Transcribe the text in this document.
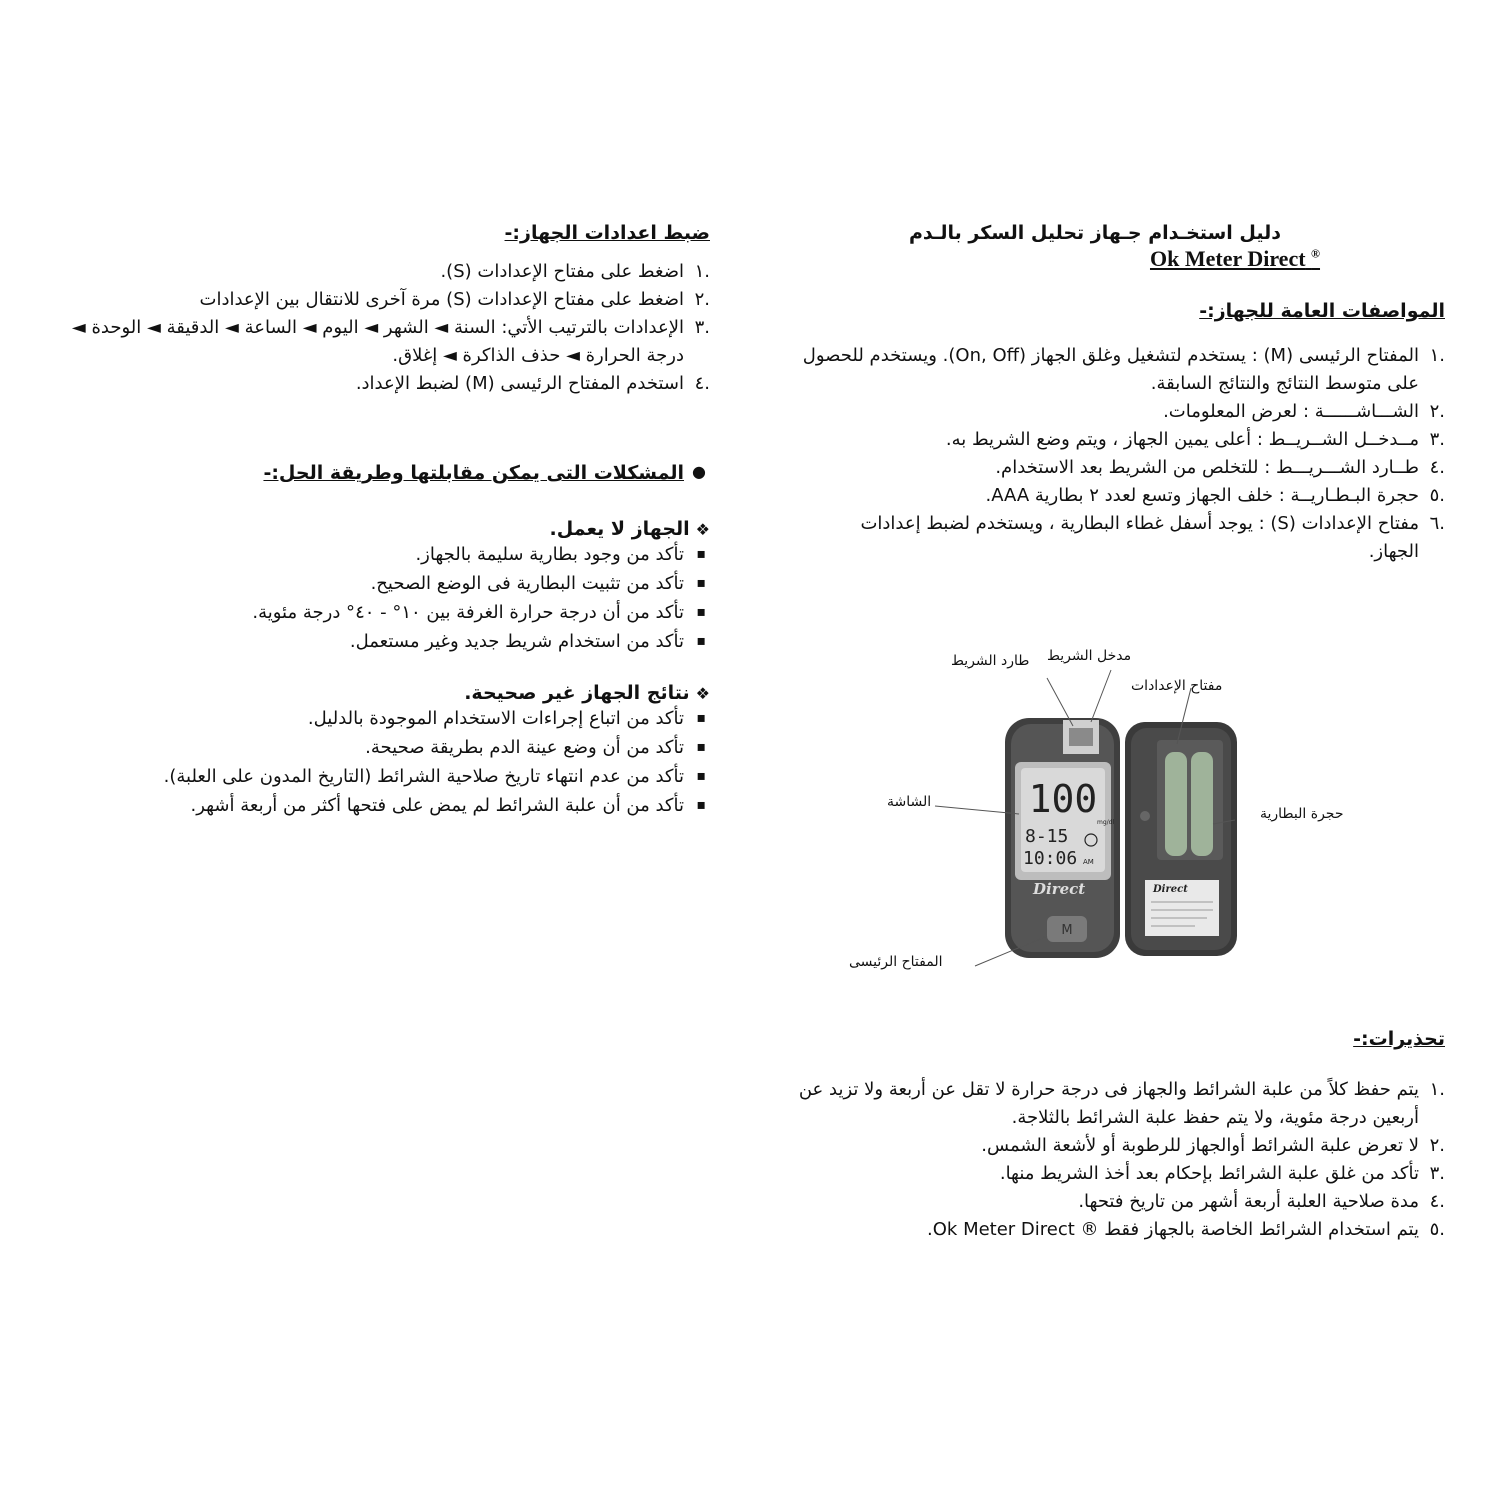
ضبط اعدادات الجهاز:-
.١
اضغط على مفتاح الإعدادات (S).
.٢
اضغط على مفتاح الإعدادات (S) مرة آخرى للانتقال بين الإعدادات
.٣
الإعدادات بالترتيب الأتي: السنة ◄ الشهر ◄ اليوم ◄ الساعة ◄ الدقيقة ◄ الوحدة ◄ درجة الحرارة ◄ حذف الذاكرة ◄ إغلاق.
.٤
استخدم المفتاح الرئيسى (M) لضبط الإعداد.
●
المشكلات التى يمكن مقابلتها وطريقة الحل:-
❖الجهاز لا يعمل.
▪ تأكد من وجود بطارية سليمة بالجهاز.
▪ تأكد من تثبيت البطارية فى الوضع الصحيح.
▪ تأكد من أن درجة حرارة الغرفة بين ١٠° - ٤٠° درجة مئوية.
▪ تأكد من استخدام شريط جديد وغير مستعمل.
❖نتائج الجهاز غير صحيحة.
▪ تأكد من اتباع إجراءات الاستخدام الموجودة بالدليل.
▪ تأكد من أن وضع عينة الدم بطريقة صحيحة.
▪ تأكد من عدم انتهاء تاريخ صلاحية الشرائط (التاريخ المدون على العلبة).
▪ تأكد من أن علبة الشرائط لم يمض على فتحها أكثر من أربعة أشهر.
دليل استخـدام جـهاز تحليل السكر بالـدم
Ok Meter Direct ®
المواصفات العامة للجهاز:-
.١
المفتاح الرئيسى (M) : يستخدم لتشغيل وغلق الجهاز (On, Off). ويستخدم للحصول على متوسط النتائج والنتائج السابقة.
.٢
الشـــاشــــــة : لعرض المعلومات.
.٣
مــدخــل الشــريــط : أعلى يمين الجهاز ، ويتم وضع الشريط به.
.٤
طــارد الشـــريـــط : للتخلص من الشريط بعد الاستخدام.
.٥
حجرة البـطـاريــة : خلف الجهاز وتسع لعدد ٢ بطارية AAA.
.٦
مفتاح الإعدادات (S) : يوجد أسفل غطاء البطارية ، ويستخدم لضبط إعدادات الجهاز.
تحذيرات:-
.١
يتم حفظ كلاً من علبة الشرائط والجهاز فى درجة حرارة لا تقل عن أربعة ولا تزيد عن أربعين درجة مئوية، ولا يتم حفظ علبة الشرائط بالثلاجة.
.٢
لا تعرض علبة الشرائط أوالجهاز للرطوبة أو لأشعة الشمس.
.٣
تأكد من غلق علبة الشرائط بإحكام بعد أخذ الشريط منها.
.٤
مدة صلاحية العلبة أربعة أشهر من تاريخ فتحها.
.٥
يتم استخدام الشرائط الخاصة بالجهاز فقط ® Ok Meter Direct.
100
mg/dl
8-15
10:06 AM
Direct
M
Direct
طارد الشريط مدخل الشريط
مفتاح الإعدادات
الشاشة
حجرة البطارية
المفتاح الرئيسى
